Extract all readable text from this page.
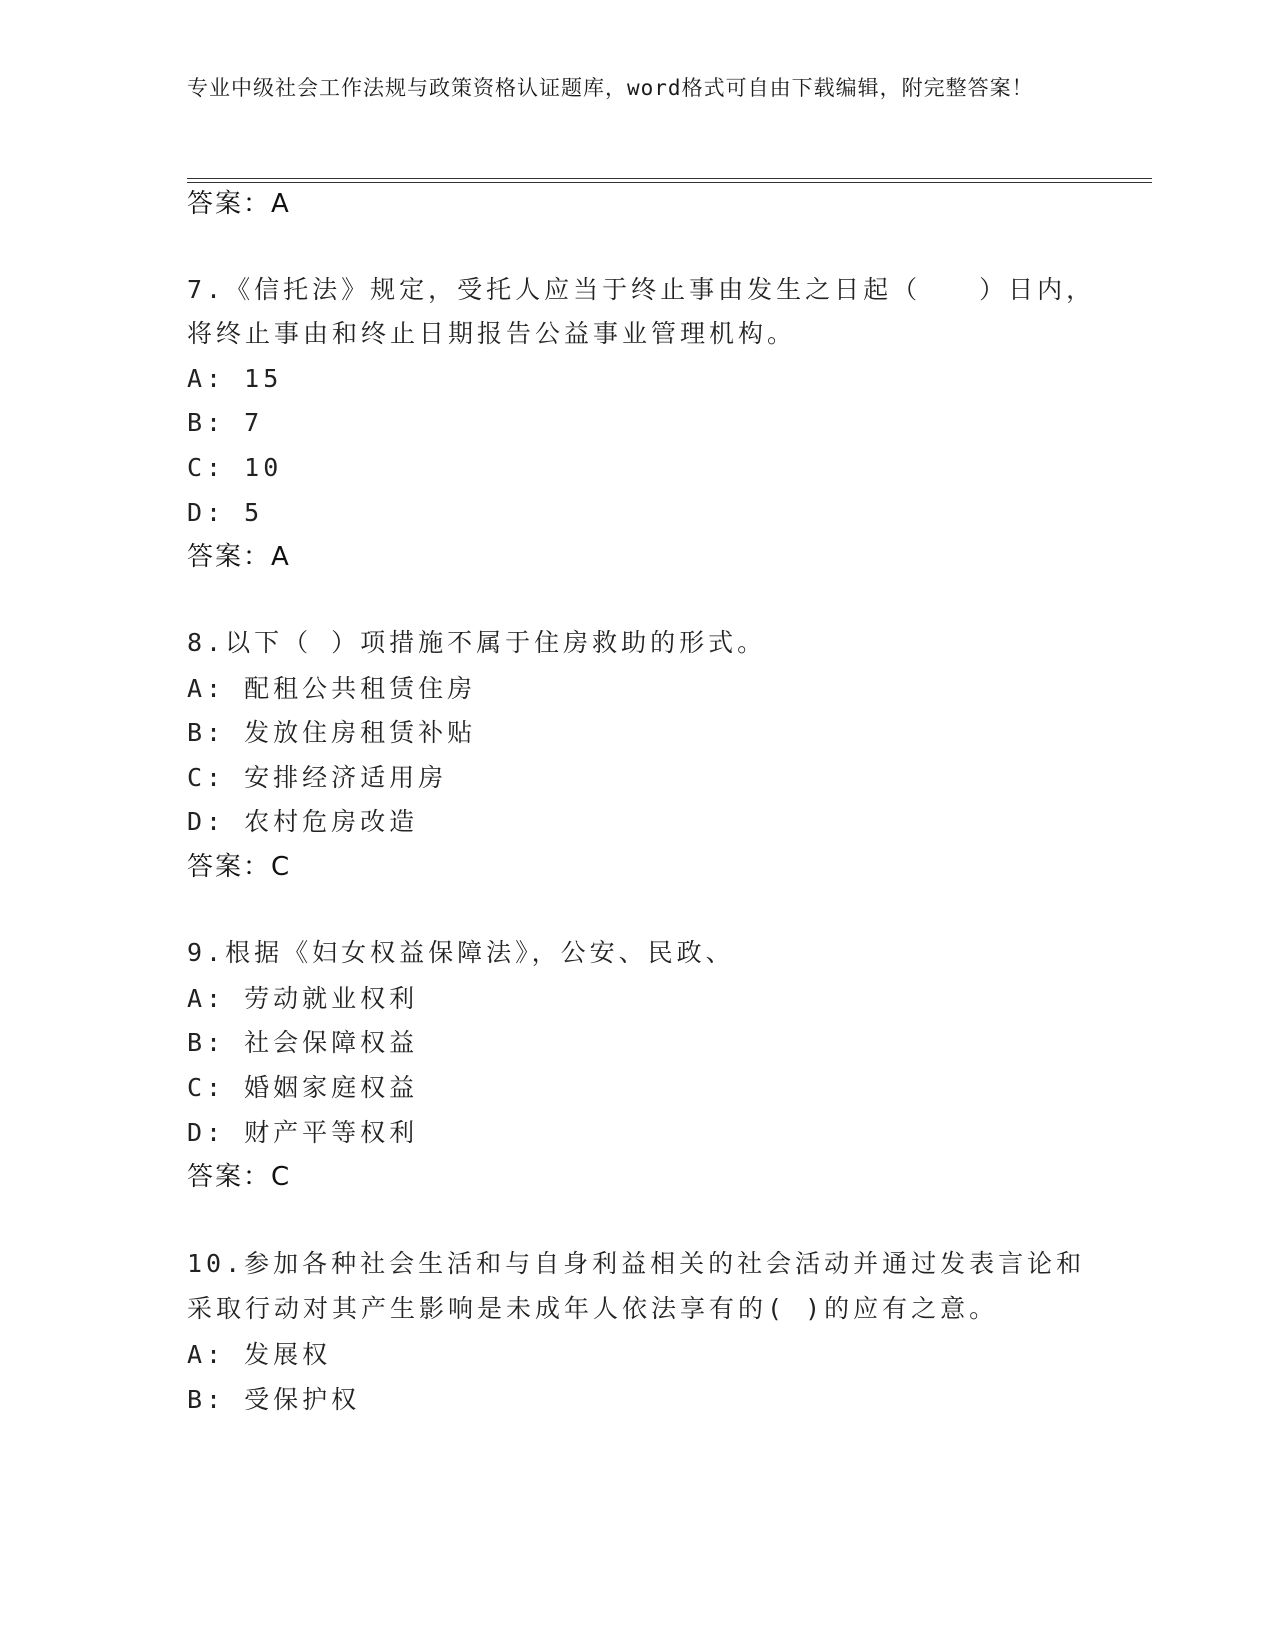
专业中级社会工作法规与政策资格认证题库，word格式可自由下载编辑，附完整答案！
答案：A
7.《信托法》规定，受托人应当于终止事由发生之日起（　　）日内，
将终止事由和终止日期报告公益事业管理机构。
A: 15
B: 7
C: 10
D: 5
答案：A
8.以下（ ）项措施不属于住房救助的形式。
A: 配租公共租赁住房
B: 发放住房租赁补贴
C: 安排经济适用房
D: 农村危房改造
答案：C
9.根据《妇女权益保障法》，公安、民政、
A: 劳动就业权利
B: 社会保障权益
C: 婚姻家庭权益
D: 财产平等权利
答案：C
10.参加各种社会生活和与自身利益相关的社会活动并通过发表言论和
采取行动对其产生影响是未成年人依法享有的( )的应有之意。
A: 发展权
B: 受保护权
